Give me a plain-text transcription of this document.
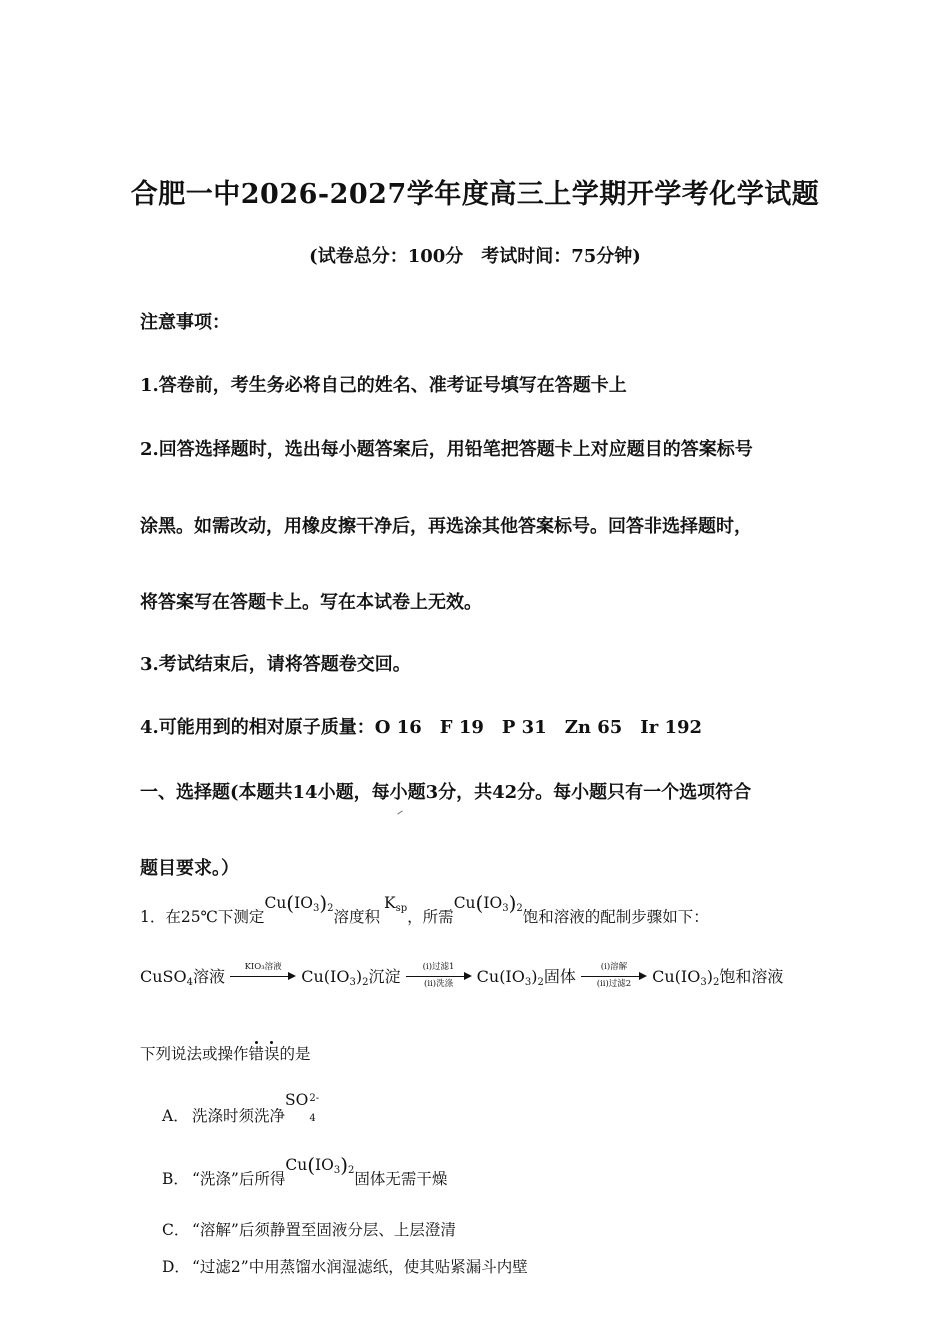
合肥一中2026-2027学年度高三上学期开学考化学试题
(试卷总分：100分　考试时间：75分钟)
注意事项：
1.答卷前，考生务必将自己的姓名、准考证号填写在答题卡上
2.回答选择题时，选出每小题答案后，用铅笔把答题卡上对应题目的答案标号
涂黑。如需改动，用橡皮擦干净后，再选涂其他答案标号。回答非选择题时，
将答案写在答题卡上。写在本试卷上无效。
3.考试结束后，请将答题卷交回。
4.可能用到的相对原子质量：O 16　F 19　P 31　Zn 65　Ir 192
一、选择题(本题共14小题，每小题3分，共42分。每小题只有一个选项符合
题目要求。）
1．在25℃下测定$Cu(IO_3)_2$溶度积$K_{sp}$，所需$Cu(IO_3)_2$饱和溶液的配制步骤如下：
CuSO$_4$溶液	KIO₃溶液	$Cu(IO_3)_2$沉淀	(i)过滤1
(ii)洗涤	$Cu(IO_3)_2$固体	(i)溶解
(ii)过滤2	$Cu(IO_3)_2$饱和溶液
下列说法或操作错误的是
A． 洗涤时须洗净SO 2-
4
B． “洗涤”后所得$Cu(IO_3)_2$固体无需干燥
C． “溶解”后须静置至固液分层、上层澄清
D． “过滤2”中用蒸馏水润湿滤纸，使其贴紧漏斗内壁
